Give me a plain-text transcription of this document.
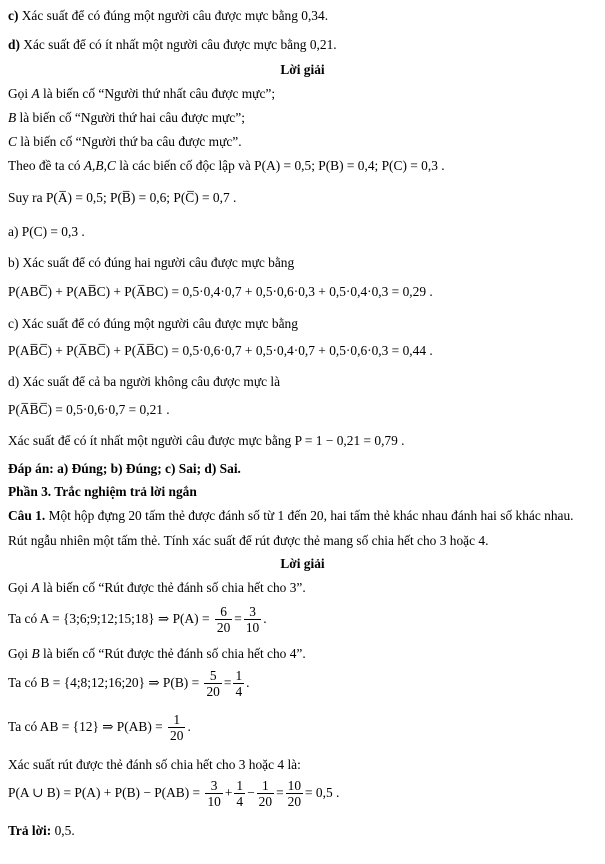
c) Xác suất để có đúng một người câu được mực bằng 0,34.
d) Xác suất để có ít nhất một người câu được mực bằng 0,21.
Lời giải
Gọi A là biến cố “Người thứ nhất câu được mực”;
B là biến cố “Người thứ hai câu được mực”;
C là biến cố “Người thứ ba câu được mực”.
Theo đề ta có A,B,C là các biến cố độc lập và P(A) = 0,5; P(B) = 0,4; P(C) = 0,3 .
Suy ra P(A̅) = 0,5; P(B̅) = 0,6; P(C̅) = 0,7 .
a) P(C) = 0,3 .
b) Xác suất để có đúng hai người câu được mực bằng
P(ABC̅) + P(AB̅C) + P(A̅BC) = 0,5·0,4·0,7 + 0,5·0,6·0,3 + 0,5·0,4·0,3 = 0,29 .
c) Xác suất để có đúng một người câu được mực bằng
P(AB̅C̅) + P(A̅BC̅) + P(A̅B̅C) = 0,5·0,6·0,7 + 0,5·0,4·0,7 + 0,5·0,6·0,3 = 0,44 .
d) Xác suất để cả ba người không câu được mực là
P(A̅B̅C̅) = 0,5·0,6·0,7 = 0,21 .
Xác suất để có ít nhất một người câu được mực bằng P = 1 − 0,21 = 0,79 .
Đáp án: a) Đúng; b) Đúng; c) Sai; d) Sai.
Phần 3. Trắc nghiệm trả lời ngắn
Câu 1. Một hộp đựng 20 tấm thẻ được đánh số từ 1 đến 20, hai tấm thẻ khác nhau đánh hai số khác nhau.
Rút ngẫu nhiên một tấm thẻ. Tính xác suất để rút được thẻ mang số chia hết cho 3 hoặc 4.
Lời giải
Gọi A là biến cố “Rút được thẻ đánh số chia hết cho 3”.
Ta có A = {3;6;9;12;15;18} ⇒ $P(A) = \frac{6}{20} = \frac{3}{10}$ .
Gọi B là biến cố “Rút được thẻ đánh số chia hết cho 4”.
Ta có B = {4;8;12;16;20} ⇒ $P(B) = \frac{5}{20} = \frac{1}{4}$ .
Ta có AB = {12} ⇒ $P(AB) = \frac{1}{20}$ .
Xác suất rút được thẻ đánh số chia hết cho 3 hoặc 4 là:
P(A ∪ $B) = P(A) + P(B) - P(AB) = \frac{3}{10} + \frac{1}{4} - \frac{1}{20} = \frac{10}{20} = 0,5$ .
Trả lời: 0,5.
